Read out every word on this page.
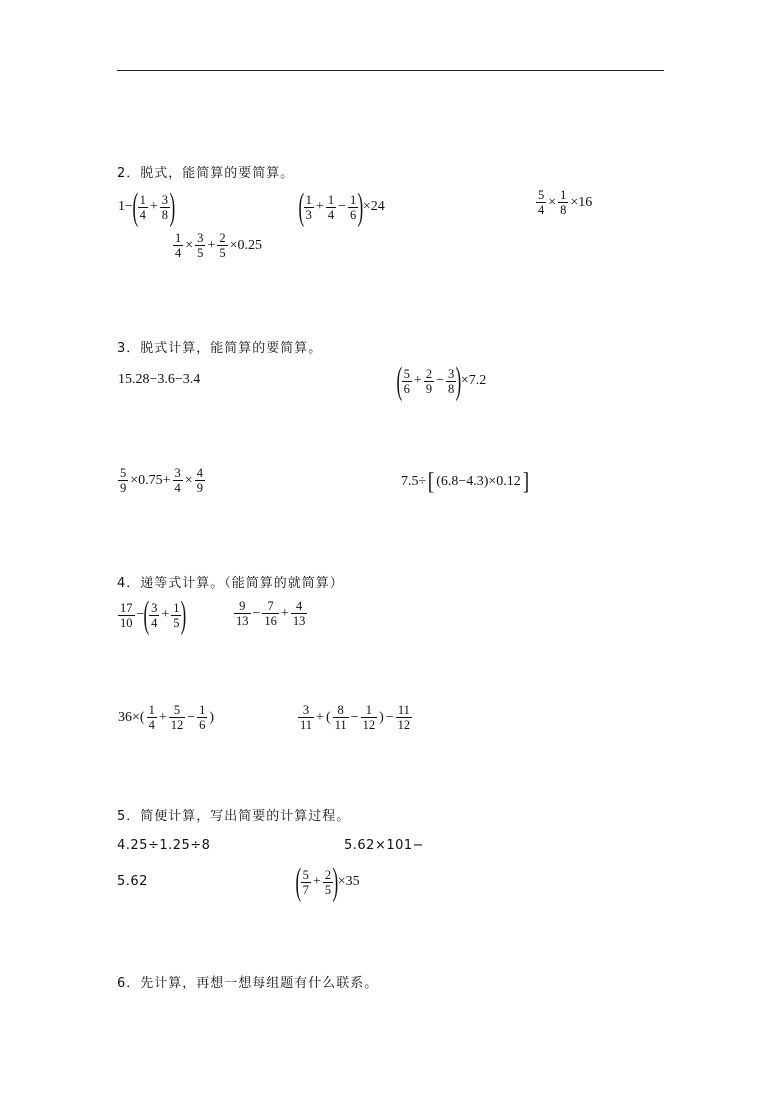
2．脱式，能简算的要简算。
1− ( $\frac{1}{4} + \frac{3}{8}$ )	( $\frac{1}{3} + \frac{1}{4} - \frac{1}{6}$ ) ×24	$\frac{5}{4} \times \frac{1}{8} \times 16$
$\frac{1}{4} \times \frac{3}{5} + \frac{2}{5} \times 0.25$
3．脱式计算，能简算的要简算。
15.28−3.6−3.4	( $\frac{5}{6} + \frac{2}{9} - \frac{3}{8}$ ) ×7.2
$\frac{5}{9} \times 0.75+ \frac{3}{4} \times \frac{4}{9}$	7.5÷ [ (6.8−4.3)×0.12 ]
4．递等式计算。（能简算的就简算）
$\frac{17}{10}$ − ( $\frac{3}{4} + \frac{1}{5}$ )	$\frac{9}{13} - \frac{7}{16} + \frac{4}{13}$
$36\times( \frac{1}{4} + \frac{5}{12} - \frac{1}{6}$ )	$\frac{3}{11}$ + ( $\frac{8}{11} - \frac{1}{12}$ ) − $\frac{11}{12}$
5．简便计算，写出简要的计算过程。
4.25÷1.25÷8	5.62×101−
5.62	( $\frac{5}{7} + \frac{2}{5}$ ) ×35
6．先计算，再想一想每组题有什么联系。
